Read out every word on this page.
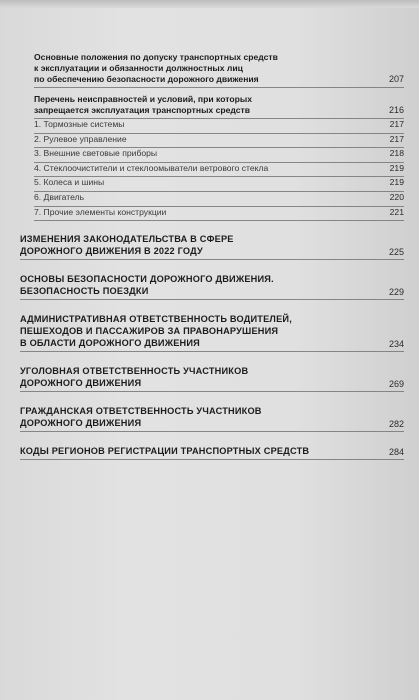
Основные положения по допуску транспортных средств
к эксплуатации и обязанности должностных лиц
по обеспечению безопасности дорожного движения	207
Перечень неисправностей и условий, при которых
запрещается эксплуатация транспортных средств	216
1. Тормозные системы	217
2. Рулевое управление	217
3. Внешние световые приборы	218
4. Стеклоочистители и стеклоомыватели ветрового стекла	219
5. Колеса и шины	219
6. Двигатель	220
7. Прочие элементы конструкции	221
ИЗМЕНЕНИЯ ЗАКОНОДАТЕЛЬСТВА В СФЕРЕ
ДОРОЖНОГО ДВИЖЕНИЯ В 2022 ГОДУ	225
ОСНОВЫ БЕЗОПАСНОСТИ ДОРОЖНОГО ДВИЖЕНИЯ.
БЕЗОПАСНОСТЬ ПОЕЗДКИ	229
АДМИНИСТРАТИВНАЯ ОТВЕТСТВЕННОСТЬ ВОДИТЕЛЕЙ,
ПЕШЕХОДОВ И ПАССАЖИРОВ ЗА ПРАВОНАРУШЕНИЯ
В ОБЛАСТИ ДОРОЖНОГО ДВИЖЕНИЯ	234
УГОЛОВНАЯ ОТВЕТСТВЕННОСТЬ УЧАСТНИКОВ
ДОРОЖНОГО ДВИЖЕНИЯ	269
ГРАЖДАНСКАЯ ОТВЕТСТВЕННОСТЬ УЧАСТНИКОВ
ДОРОЖНОГО ДВИЖЕНИЯ	282
КОДЫ РЕГИОНОВ РЕГИСТРАЦИИ ТРАНСПОРТНЫХ СРЕДСТВ	284
